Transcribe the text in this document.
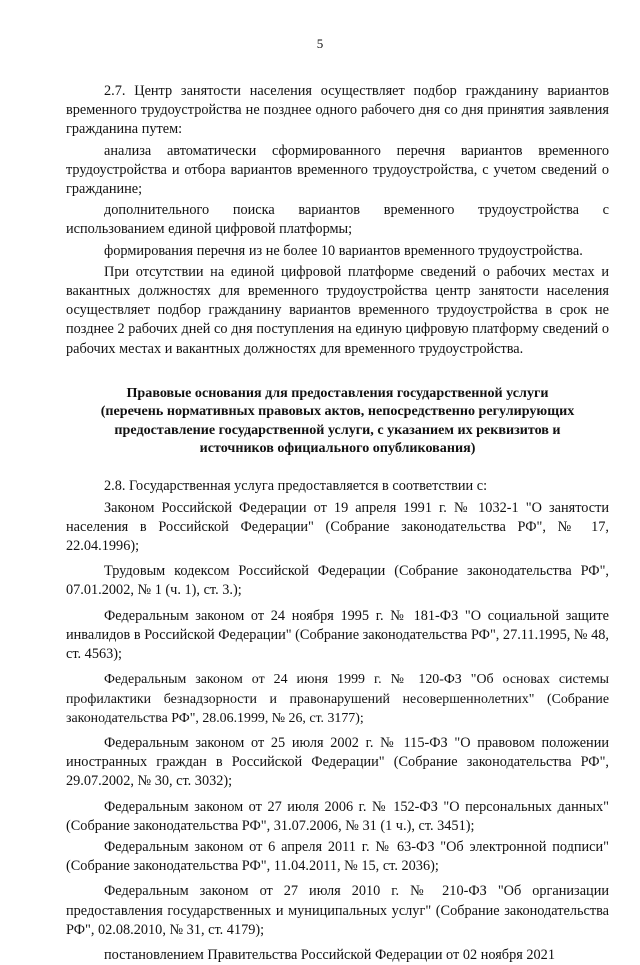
5

2.7. Центр занятости населения осуществляет подбор гражданину вариантов временного трудоустройства не позднее одного рабочего дня со дня принятия заявления гражданина путем:

анализа автоматически сформированного перечня вариантов временного трудоустройства и отбора вариантов временного трудоустройства, с учетом сведений о гражданине;

дополнительного поиска вариантов временного трудоустройства с использованием единой цифровой платформы;

формирования перечня из не более 10 вариантов временного трудоустройства.

При отсутствии на единой цифровой платформе сведений о рабочих местах и вакантных должностях для временного трудоустройства центр занятости населения осуществляет подбор гражданину вариантов временного трудоустройства в срок не позднее 2 рабочих дней со дня поступления на единую цифровую платформу сведений о рабочих местах и вакантных должностях для временного трудоустройства.

Правовые основания для предоставления государственной услуги
(перечень нормативных правовых актов, непосредственно регулирующих
предоставление государственной услуги, с указанием их реквизитов и
источников официального опубликования)

2.8. Государственная услуга предоставляется в соответствии с:

Законом Российской Федерации от 19 апреля 1991 г. № 1032-1 "О занятости населения в Российской Федерации" (Собрание законодательства РФ", № 17, 22.04.1996);

Трудовым кодексом Российской Федерации (Собрание законодательства РФ", 07.01.2002, № 1 (ч. 1), ст. 3.);

Федеральным законом от 24 ноября 1995 г. № 181-ФЗ "О социальной защите инвалидов в Российской Федерации" (Собрание законодательства РФ", 27.11.1995, № 48, ст. 4563);

Федеральным законом от 24 июня 1999 г. № 120-ФЗ "Об основах системы профилактики безнадзорности и правонарушений несовершеннолетних" (Собрание законодательства РФ", 28.06.1999, № 26, ст. 3177);

Федеральным законом от 25 июля 2002 г. № 115-ФЗ "О правовом положении иностранных граждан в Российской Федерации" (Собрание законодательства РФ", 29.07.2002, № 30, ст. 3032);

Федеральным законом от 27 июля 2006 г. № 152-ФЗ "О персональных данных" (Собрание законодательства РФ", 31.07.2006, № 31 (1 ч.), ст. 3451);

Федеральным законом от 6 апреля 2011 г. № 63-ФЗ "Об электронной подписи" (Собрание законодательства РФ", 11.04.2011, № 15, ст. 2036);

Федеральным законом от 27 июля 2010 г. № 210-ФЗ "Об организации предоставления государственных и муниципальных услуг" (Собрание законодательства РФ", 02.08.2010, № 31, ст. 4179);

постановлением Правительства Российской Федерации от 02 ноября 2021
